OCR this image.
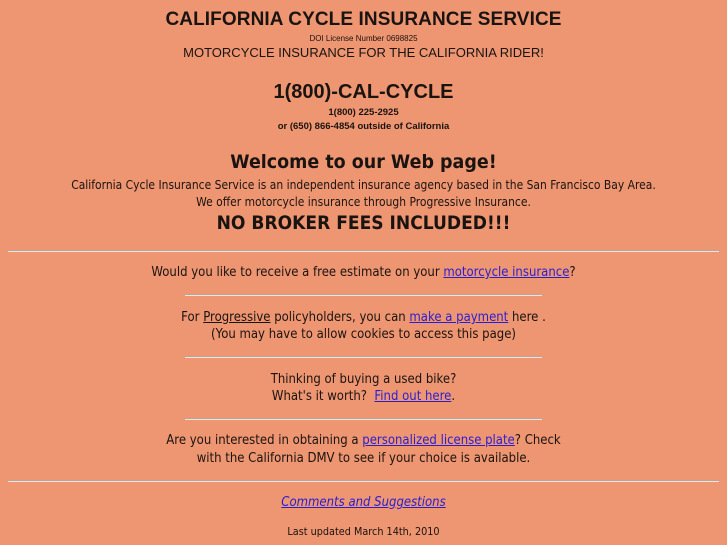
CALIFORNIA CYCLE INSURANCE SERVICE
DOI License Number 0698825
MOTORCYCLE INSURANCE FOR THE CALIFORNIA RIDER!
1(800)-CAL-CYCLE
1(800) 225-2925
or (650) 866-4854 outside of California
Welcome to our Web page!
California Cycle Insurance Service is an independent insurance agency based in the San Francisco Bay Area.
We offer motorcycle insurance through Progressive Insurance.
NO BROKER FEES INCLUDED!!!
Would you like to receive a free estimate on your motorcycle insurance?
For Progressive policyholders, you can make a payment here .
(You may have to allow cookies to access this page)
Thinking of buying a used bike?
What's it worth?  Find out here.
Are you interested in obtaining a personalized license plate? Check
with the California DMV to see if your choice is available.
Comments and Suggestions
Last updated March 14th, 2010
